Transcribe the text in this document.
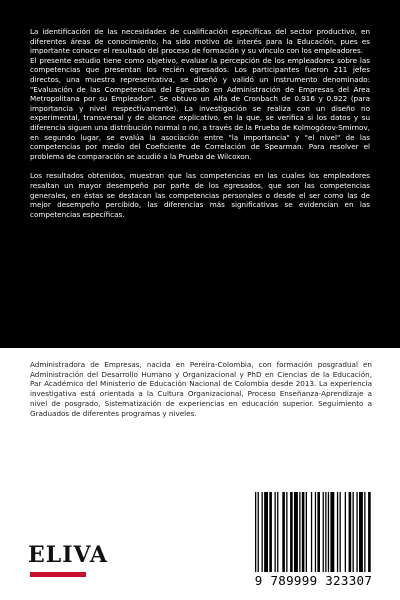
La identificación de las necesidades de cualificación específicas del sector productivo, en diferentes áreas de conocimiento, ha sido motivo de interés para la Educación, pues es importante conocer el resultado del proceso de formación y su vínculo con los empleadores.

El presente estudio tiene como objetivo, evaluar la percepción de los empleadores sobre las competencias que presentan los recién egresados. Los participantes fueron 211 jefes directos, una muestra representativa, se diseñó y validó un instrumento denominado: "Evaluación de las Competencias del Egresado en Administración de Empresas del Área Metropolitana por su Empleador". Se obtuvo un Alfa de Cronbach de 0.916 y 0.922 (para importancia y nivel respectivamente). La investigación se realiza con un diseño no experimental, transversal y de alcance explicativo, en la que, se verifica si los datos y su diferencia siguen una distribución normal o no, a través de la Prueba de Kolmogórov-Smirnov, en segundo lugar, se evalúa la asociación entre "la importancia" y "el nivel" de las competencias por medio del Coeficiente de Correlación de Spearman. Para resolver el problema de comparación se acudió a la Prueba de Wilcoxon.

Los resultados obtenidos, muestran que las competencias en las cuales los empleadores resaltan un mayor desempeño por parte de los egresados, que son las competencias generales, en éstas se destacan las competencias personales o desde el ser como las de mejor desempeño percibido, las diferencias más significativas se evidencian en las competencias específicas.

Administradora de Empresas, nacida en Pereira-Colombia, con formación posgradual en Administración del Desarrollo Humano y Organizacional y PhD en Ciencias de la Educación, Par Académico del Ministerio de Educación Nacional de Colombia desde 2013. La experiencia investigativa está orientada a la Cultura Organizacional, Proceso Enseñanza-Aprendizaje a nivel de posgrado, Sistematización de experiencias en educación superior. Seguimiento a Graduados de diferentes programas y niveles.

ELIVA
9 789999 323307
